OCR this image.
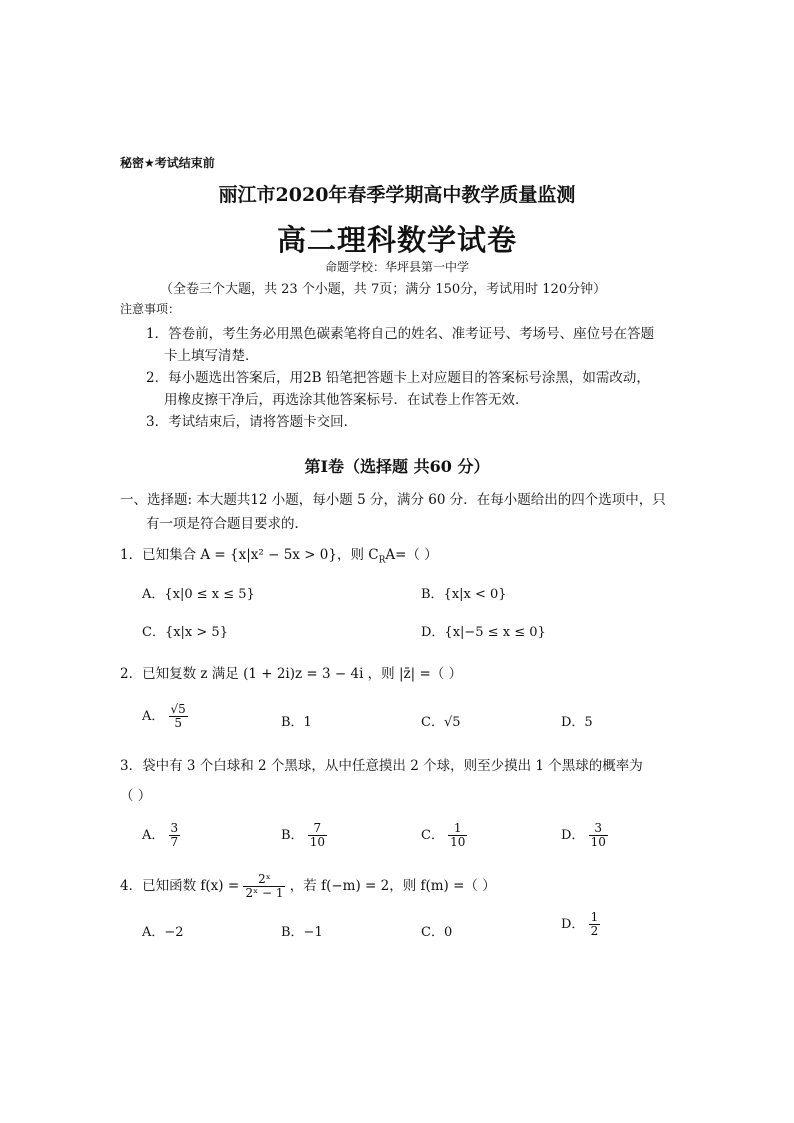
秘密★考试结束前
丽江市2020年春季学期高中教学质量监测
高二理科数学试卷
命题学校：华坪县第一中学
（全卷三个大题，共 23 个小题，共 7页；满分 150分，考试用时 120分钟）
注意事项：
1．答卷前，考生务必用黑色碳素笔将自己的姓名、准考证号、考场号、座位号在答题
卡上填写清楚．
2．每小题选出答案后，用2B 铅笔把答题卡上对应题目的答案标号涂黑，如需改动，
用橡皮擦干净后，再选涂其他答案标号．在试卷上作答无效．
3．考试结束后，请将答题卡交回．
第Ⅰ卷（选择题 共60 分）
一、选择题: 本大题共12 小题，每小题 5 分，满分 60 分．在每小题给出的四个选项中，只
有一项是符合题目要求的．
1．已知集合 A = {x|x² − 5x > 0}，则 $C_RA=$（ ）
A．{x|0 ≤ x ≤ 5}	B．{x|x < 0}
C．{x|x > 5}	D．{x|−5 ≤ x ≤ 0}
2．已知复数 z 满足 (1 + 2i)z = 3 − 4i ，则 |z̄| =（ ）
A． $\frac{√5}{5}$	B．1	C．√5	D．5
3．袋中有 3 个白球和 2 个黑球，从中任意摸出 2 个球，则至少摸出 1 个黑球的概率为
（ ）
A． $\frac{3}{7}$	B． $\frac{7}{10}$	C． $\frac{1}{10}$	D． $\frac{3}{10}$
4．已知函数 $f(x) = \frac{\text{2ˣ}}{\text{2ˣ − 1}}$ ，若 f(−m) = 2，则 f(m) =（ ）
A．−2	B．−1	C．0
D． $\frac{1}{2}$
